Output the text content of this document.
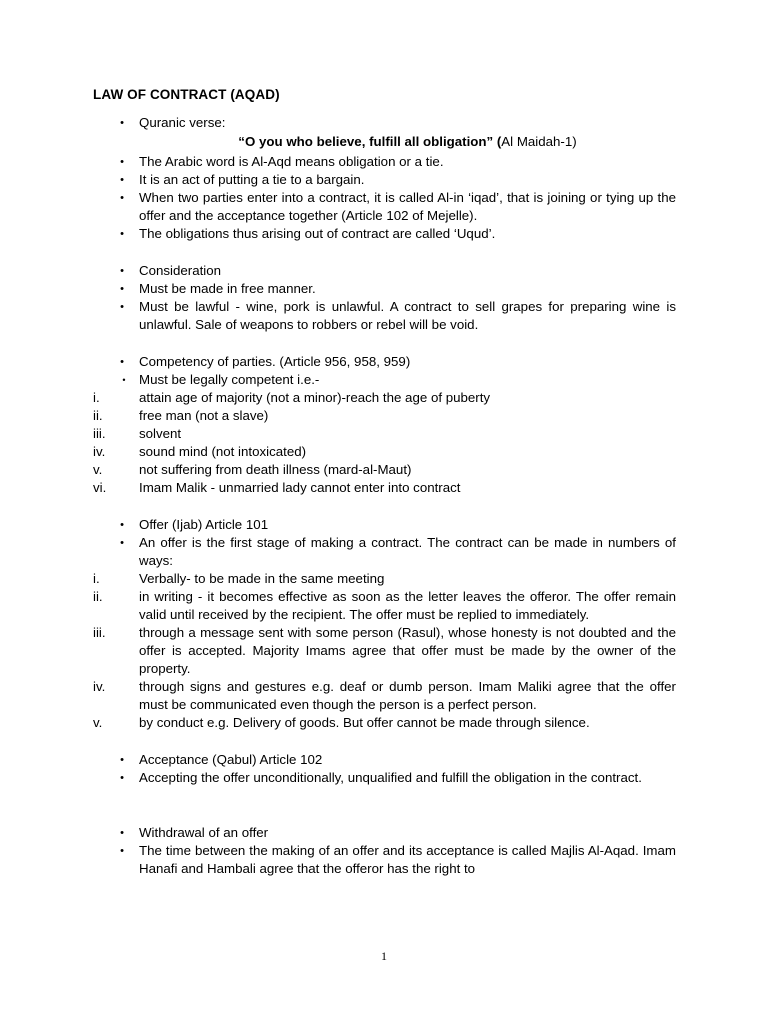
LAW OF CONTRACT (AQAD)
•	Quranic verse:
“O you who believe, fulfill all obligation” (Al Maidah-1)
•	The Arabic word is Al-Aqd means obligation or a tie.
•	It is an act of putting a tie to a bargain.
•	When two parties enter into a contract, it is called Al-in ‘iqad’, that is joining or tying up the offer and the acceptance together (Article 102 of Mejelle).
•	The obligations thus arising out of contract are called ‘Uqud’.
•	Consideration
•	Must be made in free manner.
•	Must be lawful - wine, pork is unlawful. A contract to sell grapes for preparing wine is unlawful. Sale of weapons to robbers or rebel will be void.
•	Competency of parties. (Article 956, 958, 959)
•	Must be legally competent i.e.-
i.	attain age of majority (not a minor)-reach the age of puberty
ii.	free man (not a slave)
iii.	solvent
iv.	sound mind (not intoxicated)
v.	not suffering from death illness (mard-al-Maut)
vi. Imam Malik - unmarried lady cannot enter into contract
•	Offer (Ijab) Article 101
•	An offer is the first stage of making a contract. The contract can be made in numbers of ways:
i.	Verbally- to be made in the same meeting
ii.	in writing - it becomes effective as soon as the letter leaves the offeror. The offer remain valid until received by the recipient. The offer must be replied to immediately.
iii.	through a message sent with some person (Rasul), whose honesty is not doubted and the offer is accepted. Majority Imams agree that offer must be made by the owner of the property.
iv.	through signs and gestures e.g. deaf or dumb person. Imam Maliki agree that the offer must be communicated even though the person is a perfect person.
v.	by conduct e.g. Delivery of goods. But offer cannot be made through silence.
•	Acceptance (Qabul) Article 102
•	Accepting the offer unconditionally, unqualified and fulfill the obligation in the contract.
•	Withdrawal of an offer
•	The time between the making of an offer and its acceptance is called Majlis Al-Aqad. Imam Hanafi and Hambali agree that the offeror has the right to
1
